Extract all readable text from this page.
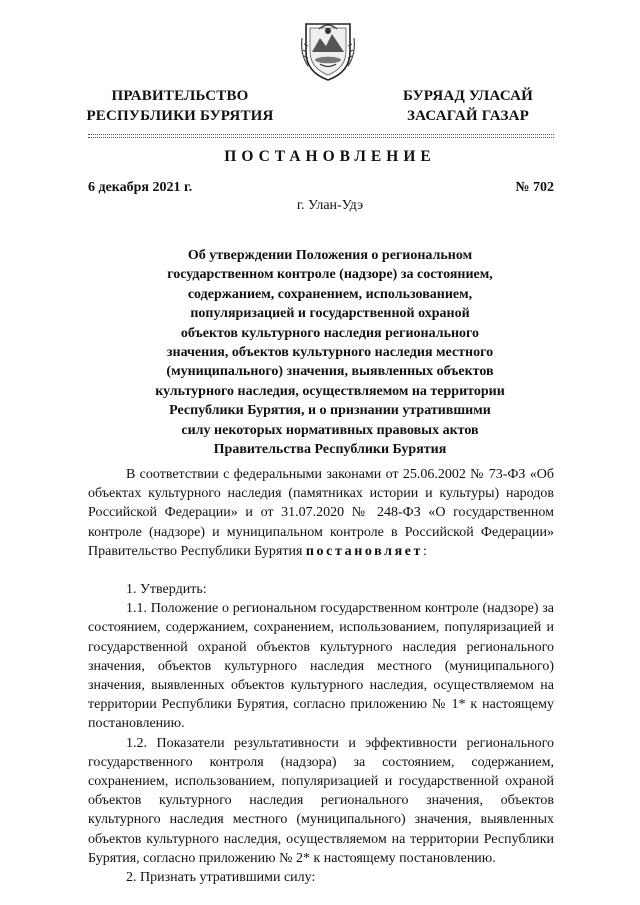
ПРАВИТЕЛЬСТВО
РЕСПУБЛИКИ БУРЯТИЯ
БУРЯАД УЛАСАЙ
ЗАСАГАЙ ГАЗАР
ПОСТАНОВЛЕНИЕ
6 декабря 2021 г.	№ 702
г. Улан-Удэ
Об утверждении Положения о региональном
государственном контроле (надзоре) за состоянием,
содержанием, сохранением, использованием,
популяризацией и государственной охраной
объектов культурного наследия регионального
значения, объектов культурного наследия местного
(муниципального) значения, выявленных объектов
культурного наследия, осуществляемом на территории
Республики Бурятия, и о признании утратившими
силу некоторых нормативных правовых актов
Правительства Республики Бурятия

В соответствии с федеральными законами от 25.06.2002 № 73-ФЗ «Об объектах культурного наследия (памятниках истории и культуры) народов Российской Федерации» и от 31.07.2020 № 248-ФЗ «О государственном контроле (надзоре) и муниципальном контроле в Российской Федерации» Правительство Республики Бурятия постановляет:

1. Утвердить:

1.1. Положение о региональном государственном контроле (надзоре) за состоянием, содержанием, сохранением, использованием, популяризацией и государственной охраной объектов культурного наследия регионального значения, объектов культурного наследия местного (муниципального) значения, выявленных объектов культурного наследия, осуществляемом на территории Республики Бурятия, согласно приложению № 1* к настоящему постановлению.

1.2. Показатели результативности и эффективности регионального государственного контроля (надзора) за состоянием, содержанием, сохранением, использованием, популяризацией и государственной охраной объектов культурного наследия регионального значения, объектов культурного наследия местного (муниципального) значения, выявленных объектов культурного наследия, осуществляемом на территории Республики Бурятия, согласно приложению № 2* к настоящему постановлению.

2. Признать утратившими силу:
